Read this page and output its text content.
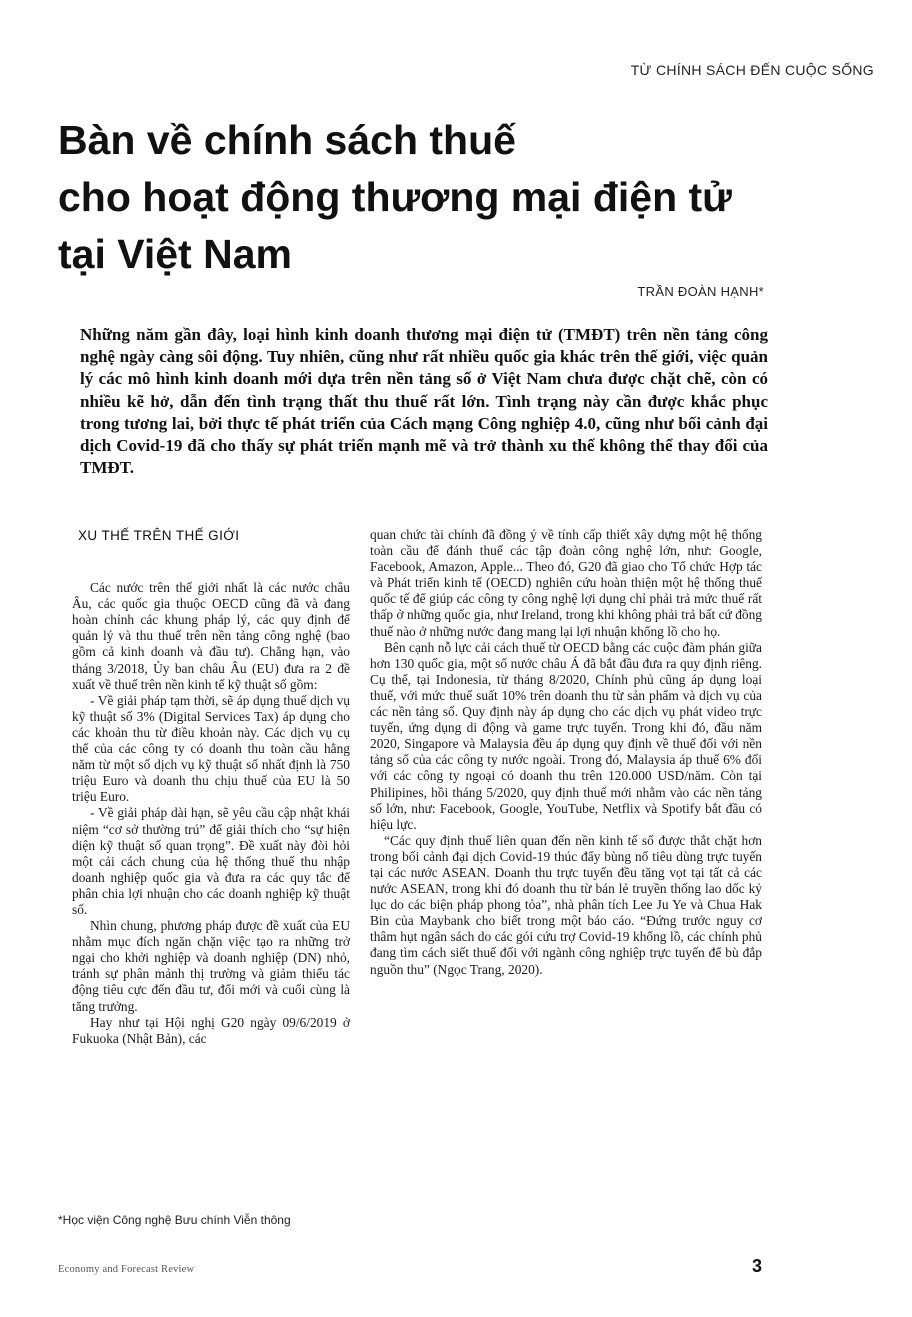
TỪ CHÍNH SÁCH ĐẾN CUỘC SỐNG
Bàn về chính sách thuế
cho hoạt động thương mại điện tử
tại Việt Nam
TRẦN ĐOÀN HẠNH*

Những năm gần đây, loại hình kinh doanh thương mại điện tử (TMĐT) trên nền tảng công nghệ ngày càng sôi động. Tuy nhiên, cũng như rất nhiều quốc gia khác trên thế giới, việc quản lý các mô hình kinh doanh mới dựa trên nền tảng số ở Việt Nam chưa được chặt chẽ, còn có nhiều kẽ hở, dẫn đến tình trạng thất thu thuế rất lớn. Tình trạng này cần được khắc phục trong tương lai, bởi thực tế phát triển của Cách mạng Công nghiệp 4.0, cũng như bối cảnh đại dịch Covid-19 đã cho thấy sự phát triển mạnh mẽ và trở thành xu thế không thể thay đổi của TMĐT.

XU THẾ TRÊN THẾ GIỚI

Các nước trên thế giới nhất là các nước châu Âu, các quốc gia thuộc OECD cũng đã và đang hoàn chỉnh các khung pháp lý, các quy định để quản lý và thu thuế trên nền tảng công nghệ (bao gồm cả kinh doanh và đầu tư). Chẳng hạn, vào tháng 3/2018, Ủy ban châu Âu (EU) đưa ra 2 đề xuất về thuế trên nền kinh tế kỹ thuật số gồm:

- Về giải pháp tạm thời, sẽ áp dụng thuế dịch vụ kỹ thuật số 3% (Digital Services Tax) áp dụng cho các khoản thu từ điều khoản này. Các dịch vụ cụ thể của các công ty có doanh thu toàn cầu hằng năm từ một số dịch vụ kỹ thuật số nhất định là 750 triệu Euro và doanh thu chịu thuế của EU là 50 triệu Euro.

- Về giải pháp dài hạn, sẽ yêu cầu cập nhật khái niệm “cơ sở thường trú” để giải thích cho “sự hiện diện kỹ thuật số quan trọng”. Đề xuất này đòi hỏi một cải cách chung của hệ thống thuế thu nhập doanh nghiệp quốc gia và đưa ra các quy tắc để phân chia lợi nhuận cho các doanh nghiệp kỹ thuật số.

Nhìn chung, phương pháp được đề xuất của EU nhằm mục đích ngăn chặn việc tạo ra những trở ngại cho khởi nghiệp và doanh nghiệp (DN) nhỏ, tránh sự phân mảnh thị trường và giảm thiểu tác động tiêu cực đến đầu tư, đổi mới và cuối cùng là tăng trưởng.

Hay như tại Hội nghị G20 ngày 09/6/2019 ở Fukuoka (Nhật Bản), các

quan chức tài chính đã đồng ý về tính cấp thiết xây dựng một hệ thống toàn cầu để đánh thuế các tập đoàn công nghệ lớn, như: Google, Facebook, Amazon, Apple... Theo đó, G20 đã giao cho Tổ chức Hợp tác và Phát triển kinh tế (OECD) nghiên cứu hoàn thiện một hệ thống thuế quốc tế để giúp các công ty công nghệ lợi dụng chỉ phải trả mức thuế rất thấp ở những quốc gia, như Ireland, trong khi không phải trả bất cứ đồng thuế nào ở những nước đang mang lại lợi nhuận khổng lồ cho họ.

Bên cạnh nỗ lực cải cách thuế từ OECD bằng các cuộc đàm phán giữa hơn 130 quốc gia, một số nước châu Á đã bắt đầu đưa ra quy định riêng. Cụ thể, tại Indonesia, từ tháng 8/2020, Chính phủ cũng áp dụng loại thuế, với mức thuế suất 10% trên doanh thu từ sản phẩm và dịch vụ của các nền tảng số. Quy định này áp dụng cho các dịch vụ phát video trực tuyến, ứng dụng di động và game trực tuyến. Trong khi đó, đầu năm 2020, Singapore và Malaysia đều áp dụng quy định về thuế đối với nền tảng số của các công ty nước ngoài. Trong đó, Malaysia áp thuế 6% đối với các công ty ngoại có doanh thu trên 120.000 USD/năm. Còn tại Philipines, hồi tháng 5/2020, quy định thuế mới nhằm vào các nền tảng số lớn, như: Facebook, Google, YouTube, Netflix và Spotify bắt đầu có hiệu lực.

“Các quy định thuế liên quan đến nền kinh tế số được thắt chặt hơn trong bối cảnh đại dịch Covid-19 thúc đẩy bùng nổ tiêu dùng trực tuyến tại các nước ASEAN. Doanh thu trực tuyến đều tăng vọt tại tất cả các nước ASEAN, trong khi đó doanh thu từ bán lẻ truyền thống lao dốc kỷ lục do các biện pháp phong tỏa”, nhà phân tích Lee Ju Ye và Chua Hak Bin của Maybank cho biết trong một báo cáo. “Đứng trước nguy cơ thâm hụt ngân sách do các gói cứu trợ Covid-19 khổng lồ, các chính phủ đang tìm cách siết thuế đối với ngành công nghiệp trực tuyến để bù đắp nguồn thu” (Ngọc Trang, 2020).

*Học viện Công nghệ Bưu chính Viễn thông
Economy and Forecast Review	3
